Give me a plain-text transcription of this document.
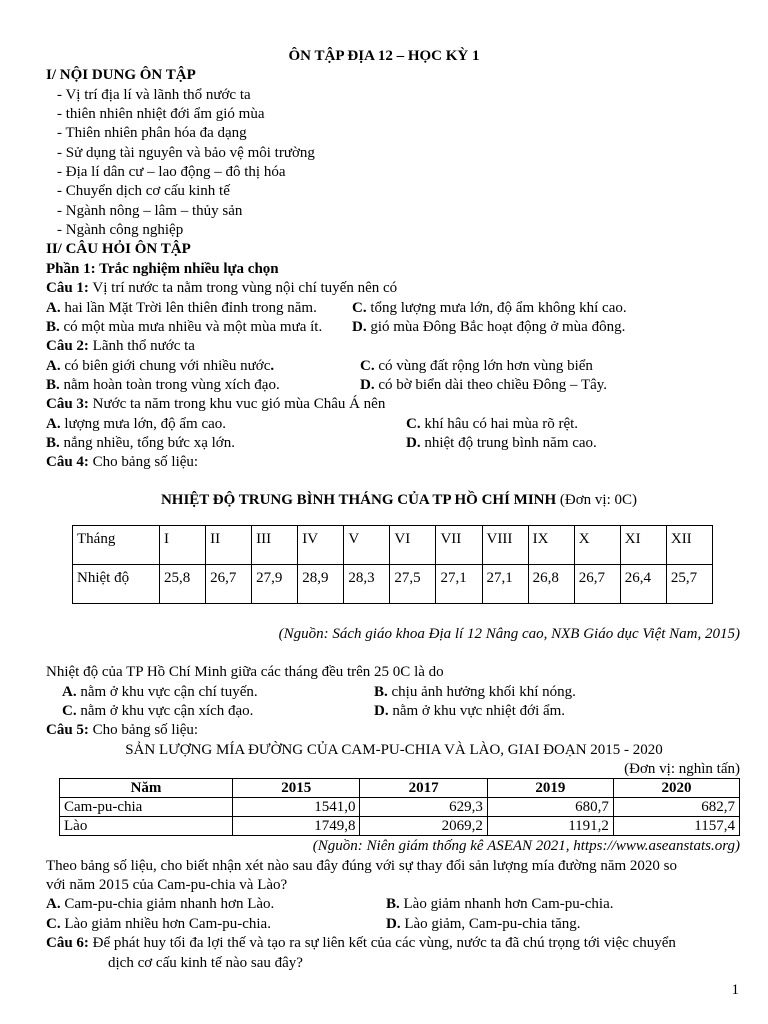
ÔN TẬP ĐỊA 12 – HỌC KỲ 1
I/ NỘI DUNG ÔN TẬP
- Vị trí địa lí và lãnh thổ nước ta
- thiên nhiên nhiệt đới ẩm gió mùa
- Thiên nhiên phân hóa đa dạng
- Sử dụng tài nguyên và bảo vệ môi trường
- Địa lí dân cư – lao động – đô thị hóa
- Chuyển dịch cơ cấu kinh tế
- Ngành nông – lâm – thủy sản
- Ngành công nghiệp
II/ CÂU HỎI ÔN TẬP
Phần 1: Trắc nghiệm nhiều lựa chọn
Câu 1: Vị trí nước ta nằm trong vùng nội chí tuyến nên có
A. hai lần Mặt Trời lên thiên đỉnh trong năm. C. tổng lượng mưa lớn, độ ẩm không khí cao.
B. có một mùa mưa nhiều và một mùa mưa ít. D. gió mùa Đông Bắc hoạt động ở mùa đông.
Câu 2: Lãnh thổ nước ta
A. có biên giới chung với nhiều nước.	C. có vùng đất rộng lớn hơn vùng biển
B. nằm hoàn toàn trong vùng xích đạo.	D. có bờ biển dài theo chiều Đông – Tây.
Câu 3: Nước ta năm trong khu vuc gió mùa Châu Á nên
A. lượng mưa lớn, độ ẩm cao.	C. khí hâu có hai mùa rõ rệt.
B. nắng nhiều, tổng bức xạ lớn.	D. nhiệt độ trung bình năm cao.
Câu 4: Cho bảng số liệu:
NHIỆT ĐỘ TRUNG BÌNH THÁNG CỦA TP HỒ CHÍ MINH (Đơn vị: 0C)
Tháng	I	II	III	IV	V	VI	VII	VIII	IX	X	XI	XII
Nhiệt độ	25,8	26,7	27,9	28,9	28,3	27,5	27,1	27,1	26,8	26,7	26,4	25,7
(Nguồn: Sách giáo khoa Địa lí 12 Nâng cao, NXB Giáo dục Việt Nam, 2015)
Nhiệt độ của TP Hồ Chí Minh giữa các tháng đều trên 25 0C là do
A. nằm ở khu vực cận chí tuyến.	B. chịu ảnh hưởng khối khí nóng.
C. nằm ở khu vực cận xích đạo.	D. nằm ở khu vực nhiệt đới ẩm.
Câu 5: Cho bảng số liệu:
SẢN LƯỢNG MÍA ĐƯỜNG CỦA CAM-PU-CHIA VÀ LÀO, GIAI ĐOẠN 2015 - 2020
(Đơn vị: nghìn tấn)
Năm	2015	2017	2019	2020
Cam-pu-chia	1541,0	629,3	680,7	682,7
Lào	1749,8	2069,2	1191,2	1157,4
(Nguồn: Niên giám thống kê ASEAN 2021, https://www.aseanstats.org)
Theo bảng số liệu, cho biết nhận xét nào sau đây đúng với sự thay đổi sản lượng mía đường năm 2020 so
với năm 2015 của Cam-pu-chia và Lào?
A. Cam-pu-chia giảm nhanh hơn Lào.	B. Lào giảm nhanh hơn Cam-pu-chia.
C. Lào giảm nhiều hơn Cam-pu-chia.	D. Lào giảm, Cam-pu-chia tăng.
Câu 6: Để phát huy tối đa lợi thế và tạo ra sự liên kết của các vùng, nước ta đã chú trọng tới việc chuyển
dịch cơ cấu kinh tế nào sau đây?
1
